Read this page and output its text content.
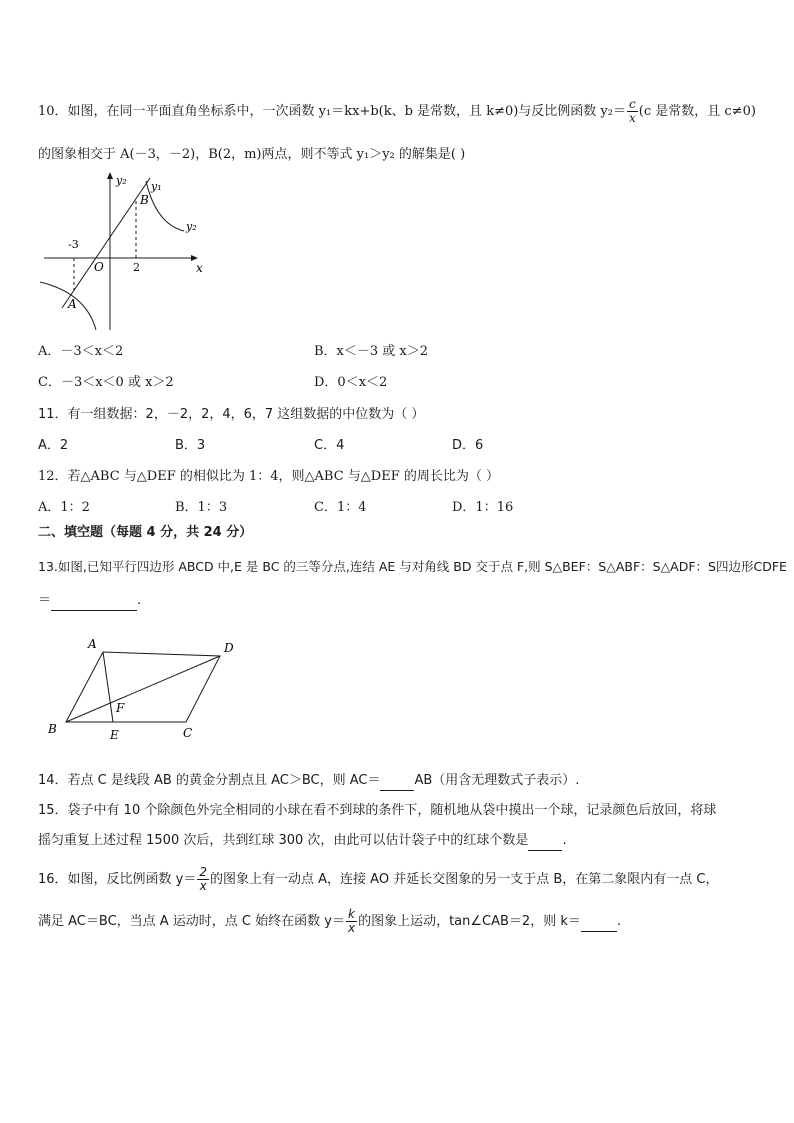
10．如图，在同一平面直角坐标系中，一次函数 y₁＝kx+b(k、b 是常数，且 k≠0)与反比例函数 $y_2= \frac{c}{x} (c$ 是常数，且 c≠0)
的图象相交于 A(－3，－2)，B(2，m)两点，则不等式 y₁＞y₂ 的解集是( )
y₂ y₁
B
y₂
-3
O	2	x
A
A．－3＜x＜2	B．x＜－3 或 x＞2
C．－3＜x＜0 或 x＞2	D．0＜x＜2
11．有一组数据：2，－2，2，4，6，7 这组数据的中位数为（ ）
A．2	B．3	C．4	D．6
12．若△ABC 与△DEF 的相似比为 1：4，则△ABC 与△DEF 的周长比为（ ）
A．1：2	B．1：3	C．1：4	D．1：16
二、填空题（每题 4 分，共 24 分）
13.如图,已知平行四边形 ABCD 中,E 是 BC 的三等分点,连结 AE 与对角线 BD 交于点 F,则 S△BEF：S△ABF：S△ADF：S四边形CDFE
＝	.
A	D
F
B	E	C
14．若点 C 是线段 AB 的黄金分割点且 AC＞BC，则 AC＝	AB（用含无理数式子表示）.
15．袋子中有 10 个除颜色外完全相同的小球在看不到球的条件下，随机地从袋中摸出一个球，记录颜色后放回，将球
摇匀重复上述过程 1500 次后，共到红球 300 次，由此可以估计袋子中的红球个数是	.
16．如图，反比例函数 $y= \frac{2}{x}$ 的图象上有一动点 A，连接 AO 并延长交图象的另一支于点 B，在第二象限内有一点 C，
满足 AC＝BC，当点 A 运动时，点 C 始终在函数 $y= \frac{k}{x}$ 的图象上运动，tan∠CAB＝2，则 k＝	.
